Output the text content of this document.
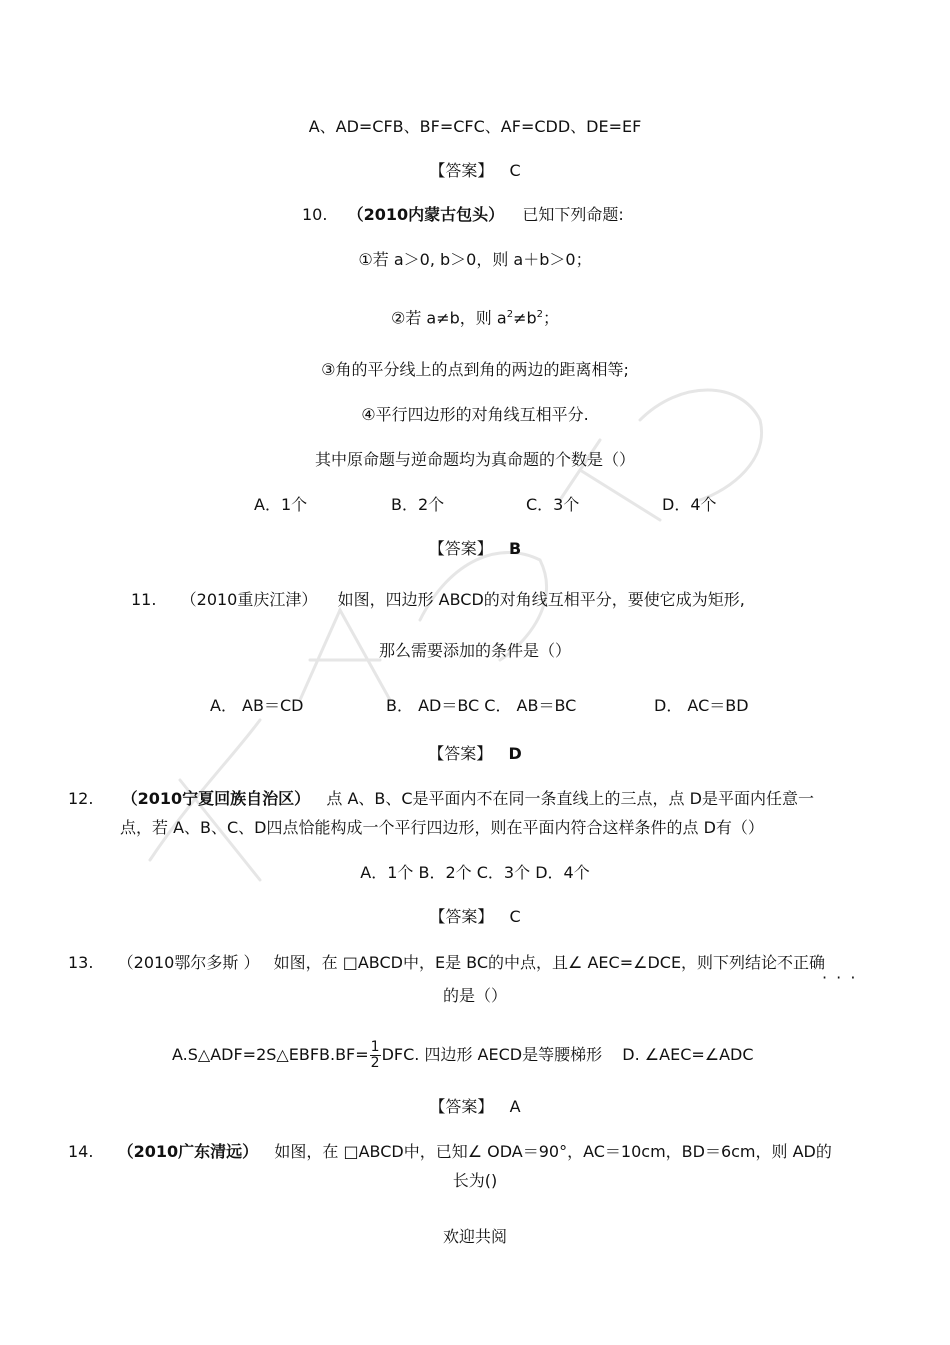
A、AD=CFB、BF=CFC、AF=CDD、DE=EF
【答案】 C
10. （2010内蒙古包头） 已知下列命题:
①若 a＞0, b＞0，则 a＋b＞0；
②若 a≠b，则 $a^2\ne b^2$；
③角的平分线上的点到角的两边的距离相等;
④平行四边形的对角线互相平分.
其中原命题与逆命题均为真命题的个数是（）
A．1个	B．2个	C．3个	D．4个
【答案】 B
11. （2010重庆江津） 如图，四边形 ABCD的对角线互相平分，要使它成为矩形,
那么需要添加的条件是（）
A． AB＝CD	B． AD＝BC C． AB＝BC	D． AC＝BD
【答案】 D
12. （2010宁夏回族自治区） 点 A、B、C是平面内不在同一条直线上的三点，点 D是平面内任意一
点，若 A、B、C、D四点恰能构成一个平行四边形，则在平面内符合这样条件的点 D有（）
A．1个 B．2个 C．3个 D．4个
【答案】 C
13. （2010鄂尔多斯 ） 如图，在 □ABCD中，E是 BC的中点，且∠ AEC=∠DCE，则下列结论不正确
· · ·
的是（）
A.S△ADF=2S△EBFB.BF= $\frac{1}{2}$ DFC. 四边形 AECD是等腰梯形 D. ∠AEC=∠ADC
【答案】 A
14. （2010广东清远） 如图，在 □ABCD中，已知∠ ODA＝90°，AC＝10cm，BD＝6cm，则 AD的
长为()
欢迎共阅
